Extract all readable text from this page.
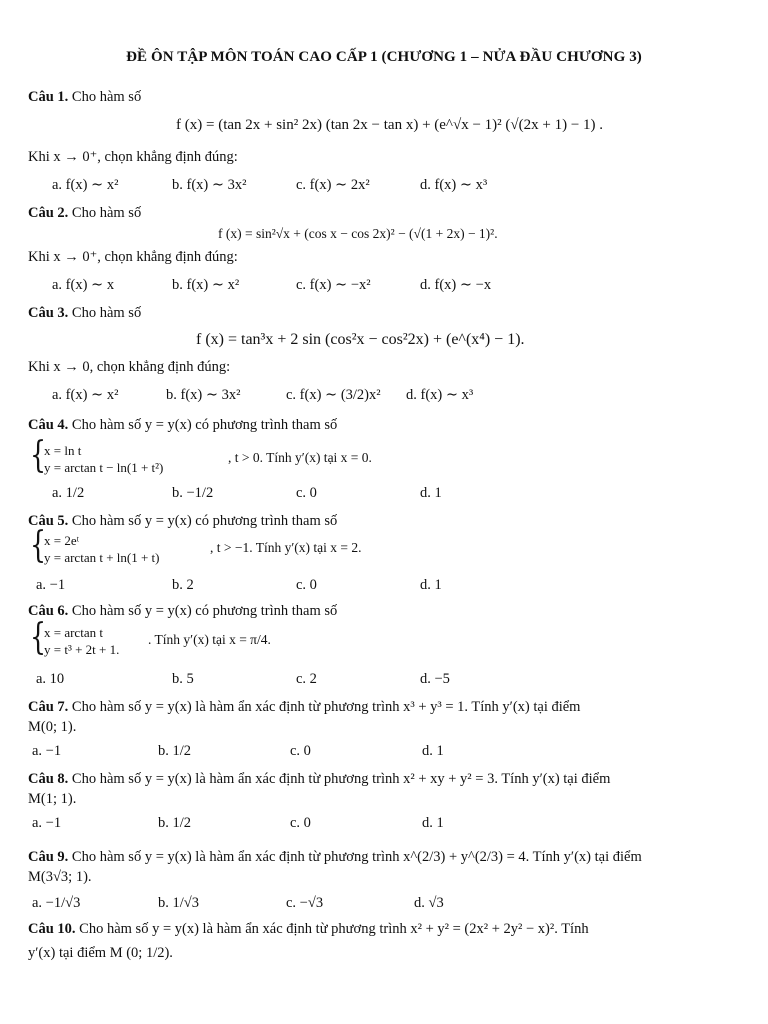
ĐỀ ÔN TẬP MÔN TOÁN CAO CẤP 1 (CHƯƠNG 1 – NỬA ĐẦU CHƯƠNG 3)
Câu 1. Cho hàm số
f (x) = (tan 2x + sin² 2x) (tan 2x − tan x) + (e^√x − 1)² (√(2x + 1) − 1) .
Khi x → 0⁺, chọn khẳng định đúng:
a. f(x) ∼ x²	b. f(x) ∼ 3x²	c. f(x) ∼ 2x²	d. f(x) ∼ x³
Câu 2. Cho hàm số
f (x) = sin²√x + (cos x − cos 2x)² − (√(1 + 2x) − 1)².
Khi x → 0⁺, chọn khẳng định đúng:
a. f(x) ∼ x	b. f(x) ∼ x²	c. f(x) ∼ −x²	d. f(x) ∼ −x
Câu 3. Cho hàm số
f (x) = tan³x + 2 sin (cos²x − cos²2x) + (e^(x⁴) − 1).
Khi x → 0, chọn khẳng định đúng:
a. f(x) ∼ x²	b. f(x) ∼ 3x²	c. f(x) ∼ (3/2)x² d. f(x) ∼ x³
Câu 4. Cho hàm số y = y(x) có phương trình tham số
{
x = ln t
y = arctan t − ln(1 + t²)
, t > 0. Tính y′(x) tại x = 0.
a. 1/2	b. −1/2	c. 0	d. 1
Câu 5. Cho hàm số y = y(x) có phương trình tham số
{
x = 2eᵗ
y = arctan t + ln(1 + t)
, t > −1. Tính y′(x) tại x = 2.
a. −1	b. 2	c. 0	d. 1
Câu 6. Cho hàm số y = y(x) có phương trình tham số
{
x = arctan t
y = t³ + 2t + 1.
. Tính y′(x) tại x = π/4.
a. 10	b. 5	c. 2	d. −5
Câu 7. Cho hàm số y = y(x) là hàm ẩn xác định từ phương trình x³ + y³ = 1. Tính y′(x) tại điểm
M(0; 1).
a. −1	b. 1/2	c. 0	d. 1
Câu 8. Cho hàm số y = y(x) là hàm ẩn xác định từ phương trình x² + xy + y² = 3. Tính y′(x) tại điểm
M(1; 1).
a. −1	b. 1/2	c. 0	d. 1
Câu 9. Cho hàm số y = y(x) là hàm ẩn xác định từ phương trình x^(2/3) + y^(2/3) = 4. Tính y′(x) tại điểm
M(3√3; 1).
a. −1/√3	b. 1/√3	c. −√3	d. √3
Câu 10. Cho hàm số y = y(x) là hàm ẩn xác định từ phương trình x² + y² = (2x² + 2y² − x)². Tính
y′(x) tại điểm M (0; 1/2).
